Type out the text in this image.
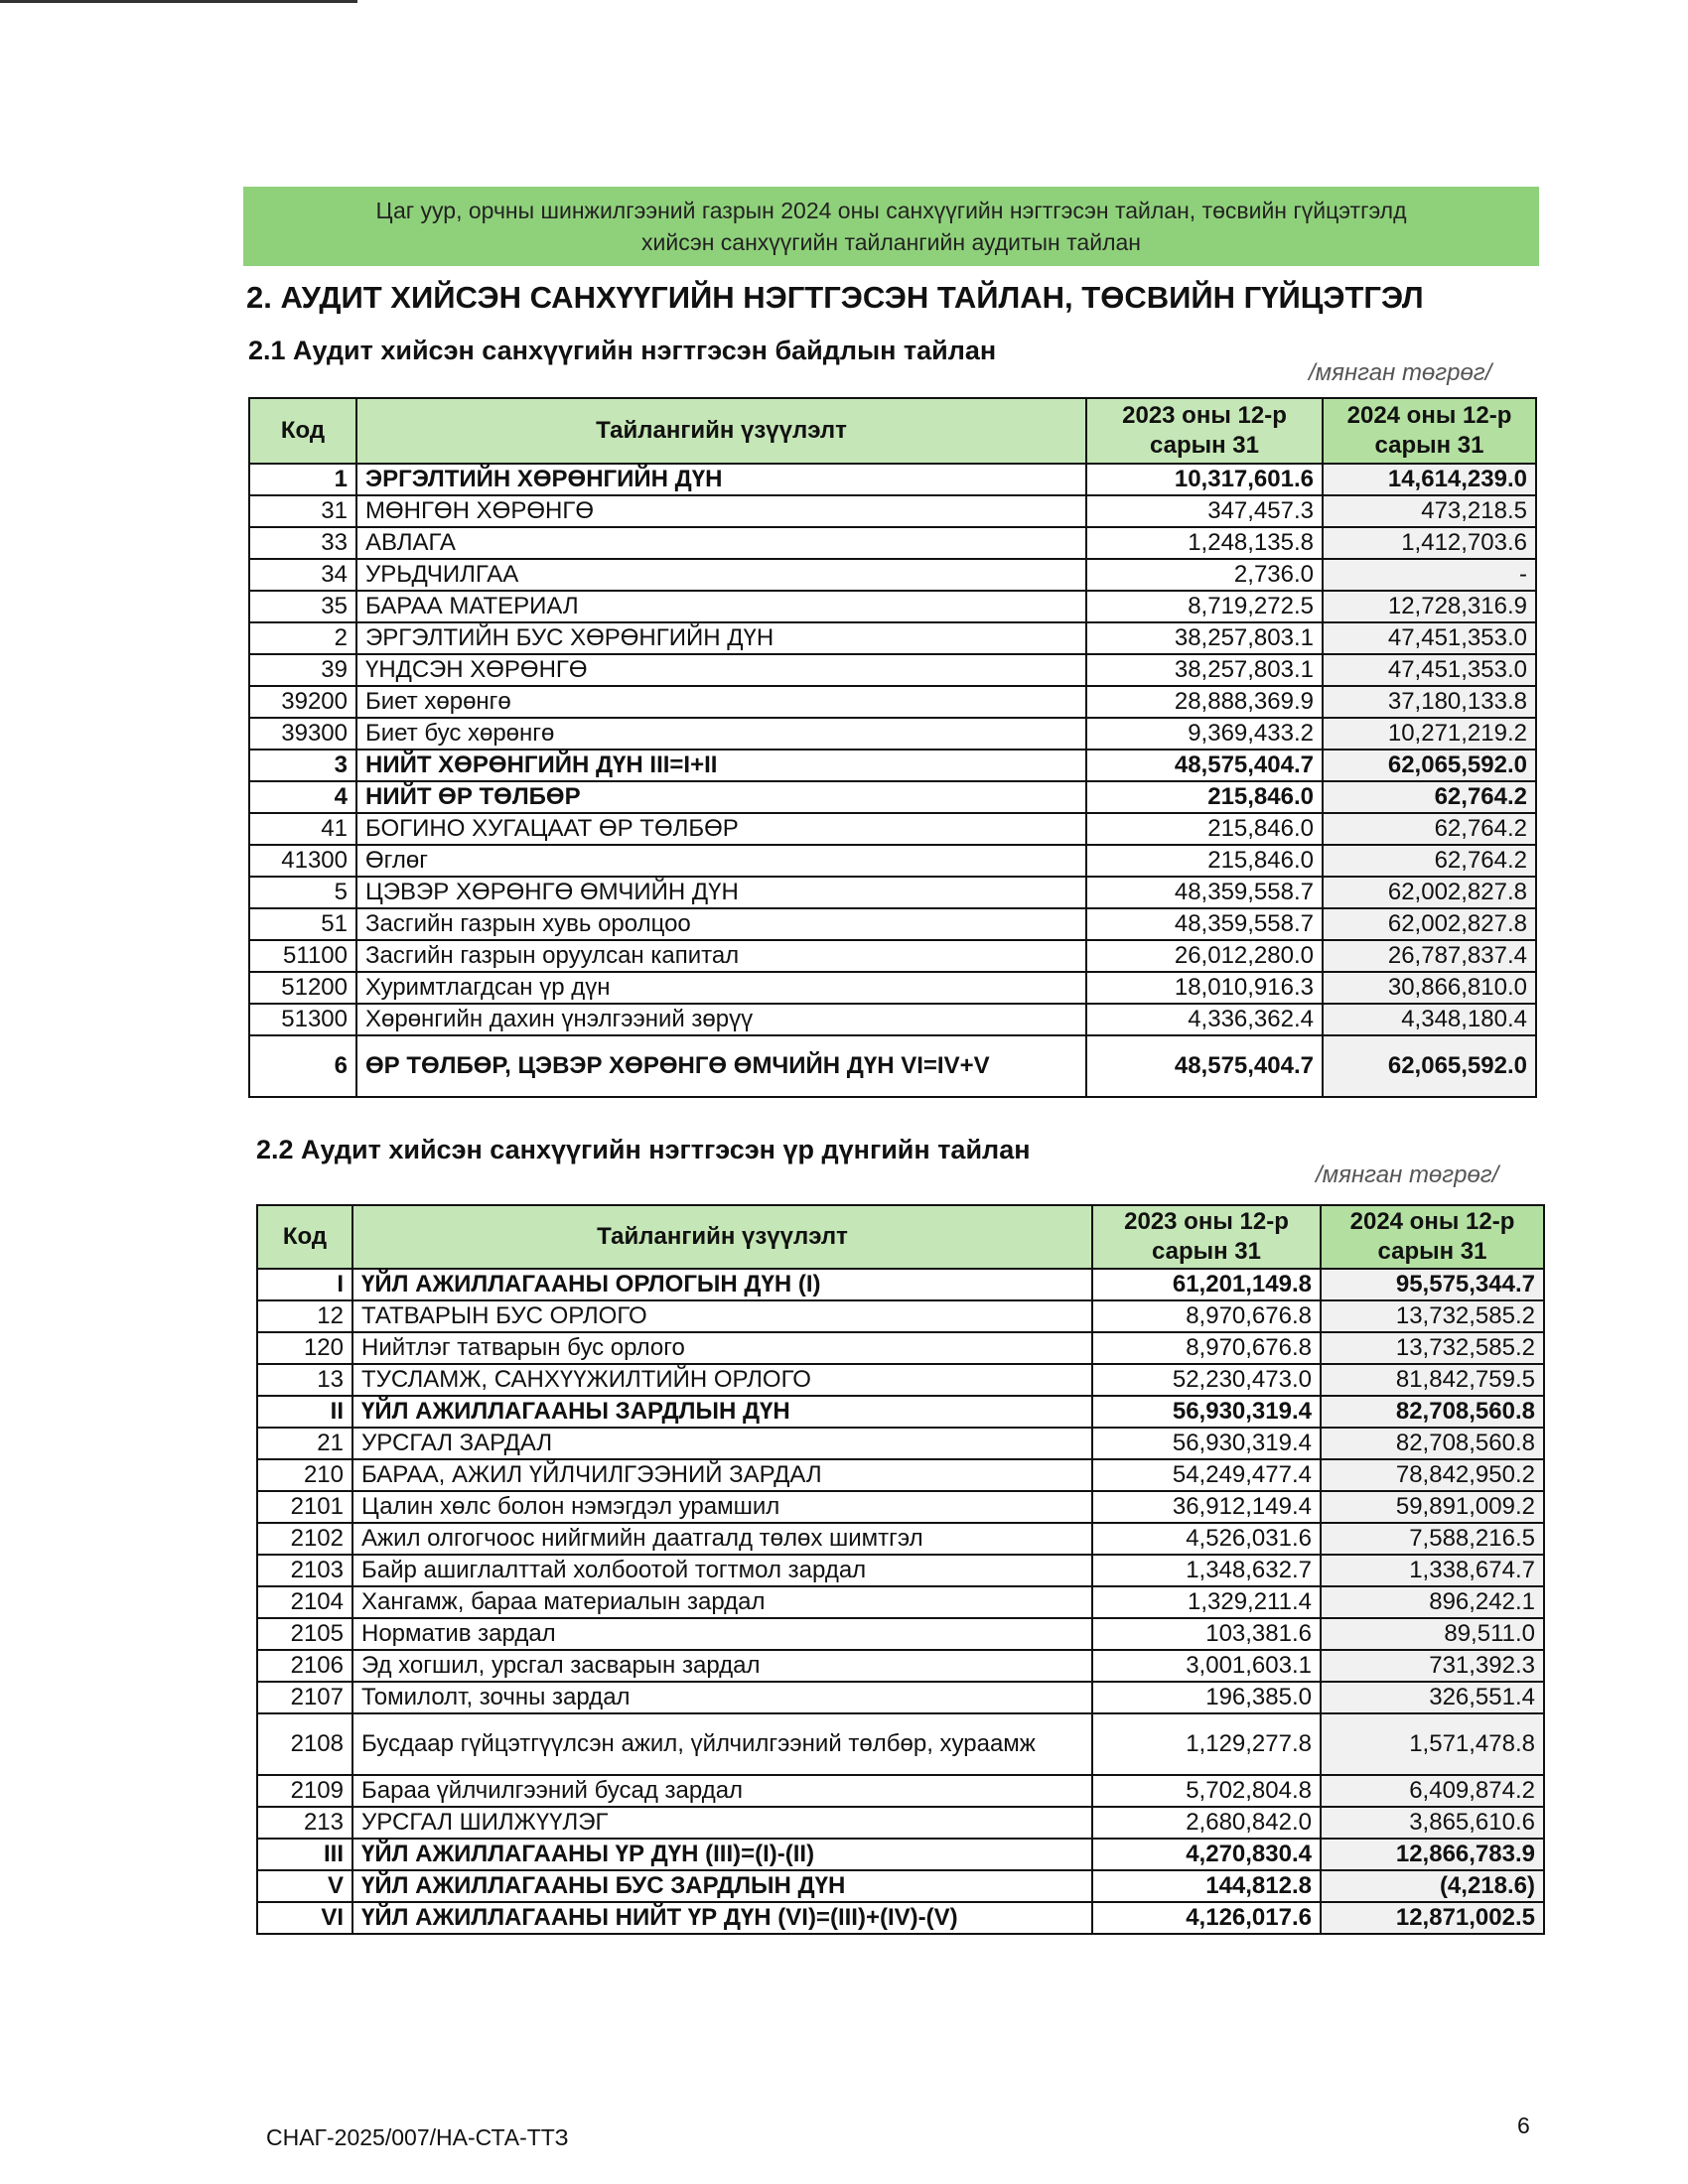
Цаг уур, орчны шинжилгээний газрын 2024 оны санхүүгийн нэгтгэсэн тайлан, төсвийн гүйцэтгэлд
хийсэн санхүүгийн тайлангийн аудитын тайлан
2. АУДИТ ХИЙСЭН САНХҮҮГИЙН НЭГТГЭСЭН ТАЙЛАН, ТӨСВИЙН ГҮЙЦЭТГЭЛ
2.1 Аудит хийсэн санхүүгийн нэгтгэсэн байдлын тайлан
/мянган төгрөг/
Код	Тайлангийн үзүүлэлт	2023 оны 12-р сарын 31	2024 оны 12-р сарын 31
1	ЭРГЭЛТИЙН ХӨРӨНГИЙН ДҮН	10,317,601.6	14,614,239.0
31	МӨНГӨН ХӨРӨНГӨ	347,457.3	473,218.5
33	АВЛАГА	1,248,135.8	1,412,703.6
34	УРЬДЧИЛГАА	2,736.0	-
35	БАРАА МАТЕРИАЛ	8,719,272.5	12,728,316.9
2	ЭРГЭЛТИЙН БУС ХӨРӨНГИЙН ДҮН	38,257,803.1	47,451,353.0
39	ҮНДСЭН ХӨРӨНГӨ	38,257,803.1	47,451,353.0
39200	Биет хөрөнгө	28,888,369.9	37,180,133.8
39300	Биет бус хөрөнгө	9,369,433.2	10,271,219.2
3	НИЙТ ХӨРӨНГИЙН ДҮН III=I+II	48,575,404.7	62,065,592.0
4	НИЙТ ӨР ТӨЛБӨР	215,846.0	62,764.2
41	БОГИНО ХУГАЦААТ ӨР ТӨЛБӨР	215,846.0	62,764.2
41300	Өглөг	215,846.0	62,764.2
5	ЦЭВЭР ХӨРӨНГӨ ӨМЧИЙН ДҮН	48,359,558.7	62,002,827.8
51	Засгийн газрын хувь оролцоо	48,359,558.7	62,002,827.8
51100	Засгийн газрын оруулсан капитал	26,012,280.0	26,787,837.4
51200	Хуримтлагдсан үр дүн	18,010,916.3	30,866,810.0
51300	Хөрөнгийн дахин үнэлгээний зөрүү	4,336,362.4	4,348,180.4
6	ӨР ТӨЛБӨР, ЦЭВЭР ХӨРӨНГӨ ӨМЧИЙН ДҮН VI=IV+V	48,575,404.7	62,065,592.0
2.2 Аудит хийсэн санхүүгийн нэгтгэсэн үр дүнгийн тайлан
/мянган төгрөг/
Код	Тайлангийн үзүүлэлт	2023 оны 12-р сарын 31	2024 оны 12-р сарын 31
I	ҮЙЛ АЖИЛЛАГААНЫ ОРЛОГЫН ДҮН (I)	61,201,149.8	95,575,344.7
12	ТАТВАРЫН БУС ОРЛОГО	8,970,676.8	13,732,585.2
120	Нийтлэг татварын бус орлого	8,970,676.8	13,732,585.2
13	ТУСЛАМЖ, САНХҮҮЖИЛТИЙН ОРЛОГО	52,230,473.0	81,842,759.5
II	ҮЙЛ АЖИЛЛАГААНЫ ЗАРДЛЫН ДҮН	56,930,319.4	82,708,560.8
21	УРСГАЛ ЗАРДАЛ	56,930,319.4	82,708,560.8
210	БАРАА, АЖИЛ ҮЙЛЧИЛГЭЭНИЙ ЗАРДАЛ	54,249,477.4	78,842,950.2
2101	Цалин хөлс болон нэмэгдэл урамшил	36,912,149.4	59,891,009.2
2102	Ажил олгогчоос нийгмийн даатгалд төлөх шимтгэл	4,526,031.6	7,588,216.5
2103	Байр ашиглалттай холбоотой тогтмол зардал	1,348,632.7	1,338,674.7
2104	Хангамж, бараа материалын зардал	1,329,211.4	896,242.1
2105	Норматив зардал	103,381.6	89,511.0
2106	Эд хогшил, урсгал засварын зардал	3,001,603.1	731,392.3
2107	Томилолт, зочны зардал	196,385.0	326,551.4
2108	Бусдаар гүйцэтгүүлсэн ажил, үйлчилгээний төлбөр, хураамж	1,129,277.8	1,571,478.8
2109	Бараа үйлчилгээний бусад зардал	5,702,804.8	6,409,874.2
213	УРСГАЛ ШИЛЖҮҮЛЭГ	2,680,842.0	3,865,610.6
III	ҮЙЛ АЖИЛЛАГААНЫ ҮР ДҮН (III)=(I)-(II)	4,270,830.4	12,866,783.9
V	ҮЙЛ АЖИЛЛАГААНЫ БУС ЗАРДЛЫН ДҮН	144,812.8	(4,218.6)
VI	ҮЙЛ АЖИЛЛАГААНЫ НИЙТ ҮР ДҮН (VI)=(III)+(IV)-(V)	4,126,017.6	12,871,002.5
СНАГ-2025/007/НА-СТА-ТТЗ	6
